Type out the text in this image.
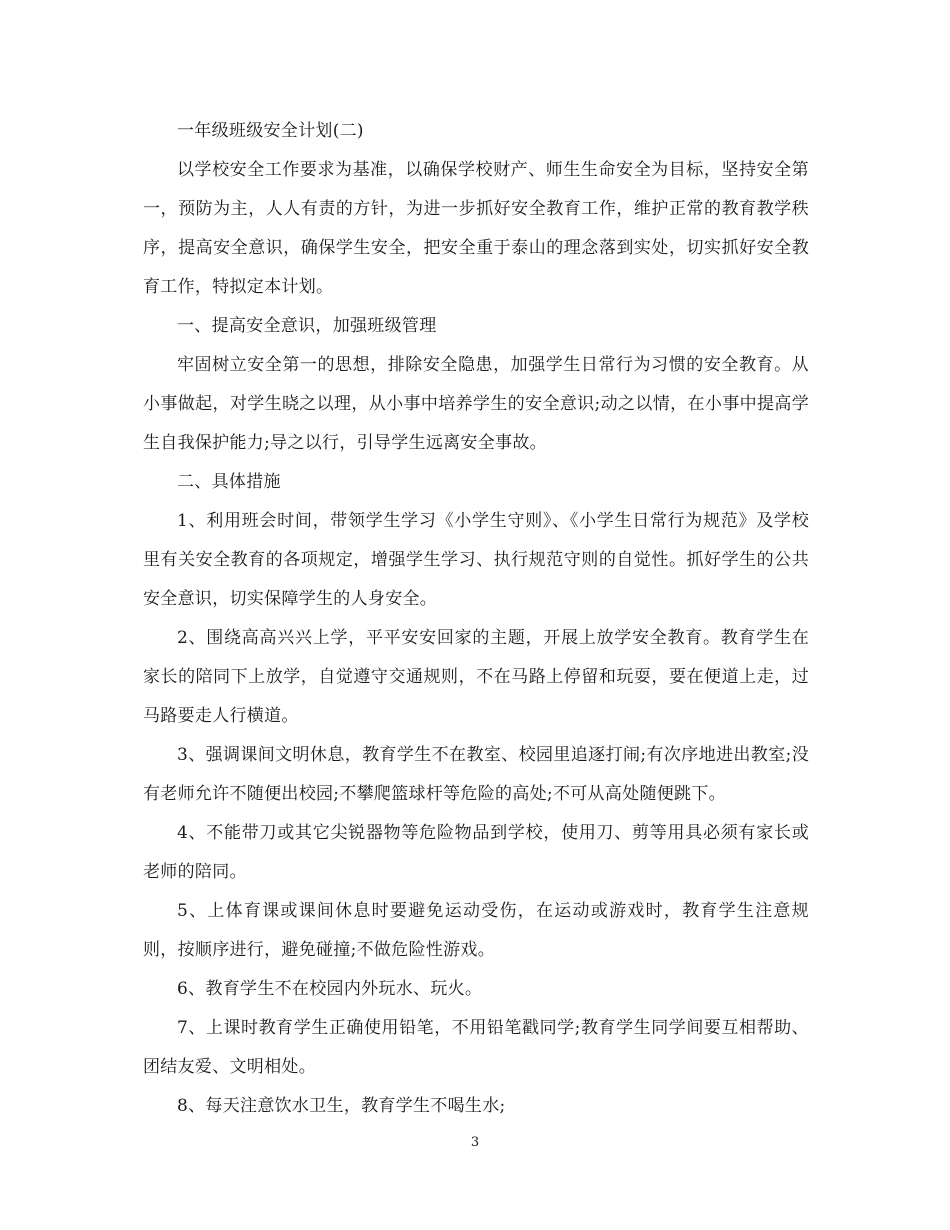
一年级班级安全计划(二)

以学校安全工作要求为基准，以确保学校财产、师生生命安全为目标，坚持安全第一，预防为主，人人有责的方针，为进一步抓好安全教育工作，维护正常的教育教学秩序，提高安全意识，确保学生安全，把安全重于泰山的理念落到实处，切实抓好安全教育工作，特拟定本计划。

一、提高安全意识，加强班级管理

牢固树立安全第一的思想，排除安全隐患，加强学生日常行为习惯的安全教育。从小事做起，对学生晓之以理，从小事中培养学生的安全意识;动之以情，在小事中提高学生自我保护能力;导之以行，引导学生远离安全事故。

二、具体措施

1、利用班会时间，带领学生学习《小学生守则》、《小学生日常行为规范》及学校里有关安全教育的各项规定，增强学生学习、执行规范守则的自觉性。抓好学生的公共安全意识，切实保障学生的人身安全。

2、围绕高高兴兴上学，平平安安回家的主题，开展上放学安全教育。教育学生在家长的陪同下上放学，自觉遵守交通规则，不在马路上停留和玩耍，要在便道上走，过马路要走人行横道。

3、强调课间文明休息，教育学生不在教室、校园里追逐打闹;有次序地进出教室;没有老师允许不随便出校园;不攀爬篮球杆等危险的高处;不可从高处随便跳下。

4、不能带刀或其它尖锐器物等危险物品到学校，使用刀、剪等用具必须有家长或老师的陪同。

5、上体育课或课间休息时要避免运动受伤，在运动或游戏时，教育学生注意规则，按顺序进行，避免碰撞;不做危险性游戏。

6、教育学生不在校园内外玩水、玩火。

7、上课时教育学生正确使用铅笔，不用铅笔戳同学;教育学生同学间要互相帮助、团结友爱、文明相处。

8、每天注意饮水卫生，教育学生不喝生水;

3
